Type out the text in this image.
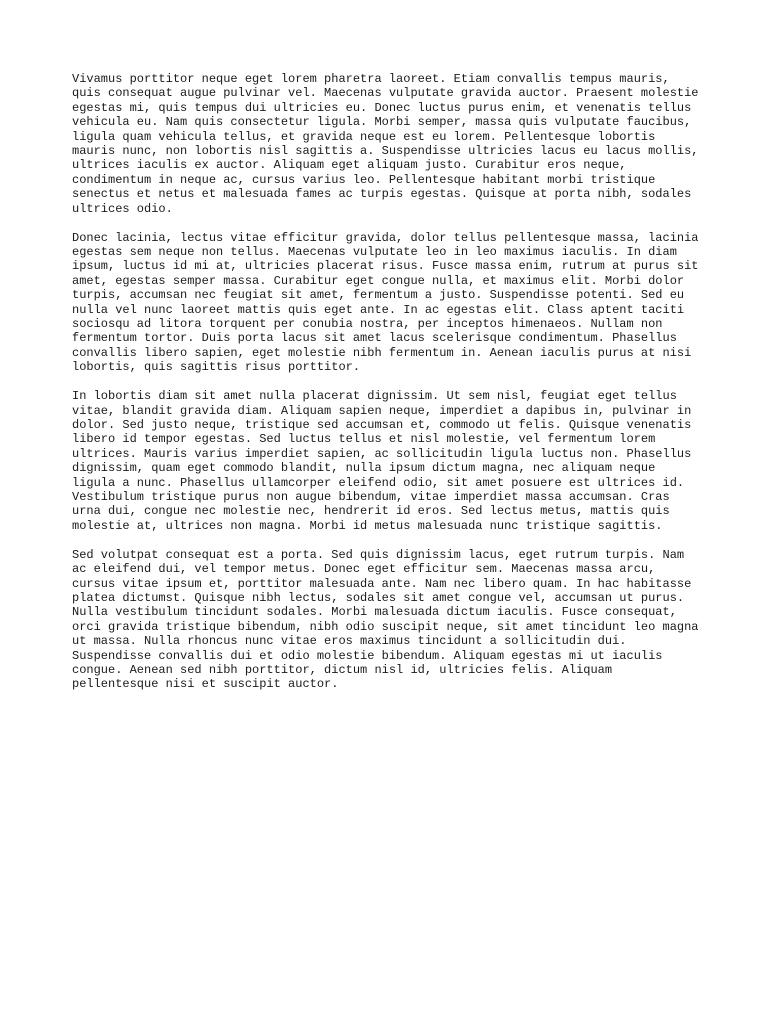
Vivamus porttitor neque eget lorem pharetra laoreet. Etiam convallis tempus mauris, quis consequat augue pulvinar vel. Maecenas vulputate gravida auctor. Praesent molestie egestas mi, quis tempus dui ultricies eu. Donec luctus purus enim, et venenatis tellus vehicula eu. Nam quis consectetur ligula. Morbi semper, massa quis vulputate faucibus, ligula quam vehicula tellus, et gravida neque est eu lorem. Pellentesque lobortis mauris nunc, non lobortis nisl sagittis a. Suspendisse ultricies lacus eu lacus mollis, ultrices iaculis ex auctor. Aliquam eget aliquam justo. Curabitur eros neque, condimentum in neque ac, cursus varius leo. Pellentesque habitant morbi tristique senectus et netus et malesuada fames ac turpis egestas. Quisque at porta nibh, sodales ultrices odio.

Donec lacinia, lectus vitae efficitur gravida, dolor tellus pellentesque massa, lacinia egestas sem neque non tellus. Maecenas vulputate leo in leo maximus iaculis. In diam ipsum, luctus id mi at, ultricies placerat risus. Fusce massa enim, rutrum at purus sit amet, egestas semper massa. Curabitur eget congue nulla, et maximus elit. Morbi dolor turpis, accumsan nec feugiat sit amet, fermentum a justo. Suspendisse potenti. Sed eu nulla vel nunc laoreet mattis quis eget ante. In ac egestas elit. Class aptent taciti sociosqu ad litora torquent per conubia nostra, per inceptos himenaeos. Nullam non fermentum tortor. Duis porta lacus sit amet lacus scelerisque condimentum. Phasellus convallis libero sapien, eget molestie nibh fermentum in. Aenean iaculis purus at nisi lobortis, quis sagittis risus porttitor.

In lobortis diam sit amet nulla placerat dignissim. Ut sem nisl, feugiat eget tellus vitae, blandit gravida diam. Aliquam sapien neque, imperdiet a dapibus in, pulvinar in dolor. Sed justo neque, tristique sed accumsan et, commodo ut felis. Quisque venenatis libero id tempor egestas. Sed luctus tellus et nisl molestie, vel fermentum lorem ultrices. Mauris varius imperdiet sapien, ac sollicitudin ligula luctus non. Phasellus dignissim, quam eget commodo blandit, nulla ipsum dictum magna, nec aliquam neque ligula a nunc. Phasellus ullamcorper eleifend odio, sit amet posuere est ultrices id. Vestibulum tristique purus non augue bibendum, vitae imperdiet massa accumsan. Cras urna dui, congue nec molestie nec, hendrerit id eros. Sed lectus metus, mattis quis molestie at, ultrices non magna. Morbi id metus malesuada nunc tristique sagittis.

Sed volutpat consequat est a porta. Sed quis dignissim lacus, eget rutrum turpis. Nam ac eleifend dui, vel tempor metus. Donec eget efficitur sem. Maecenas massa arcu, cursus vitae ipsum et, porttitor malesuada ante. Nam nec libero quam. In hac habitasse platea dictumst. Quisque nibh lectus, sodales sit amet congue vel, accumsan ut purus. Nulla vestibulum tincidunt sodales. Morbi malesuada dictum iaculis. Fusce consequat, orci gravida tristique bibendum, nibh odio suscipit neque, sit amet tincidunt leo magna ut massa. Nulla rhoncus nunc vitae eros maximus tincidunt a sollicitudin dui. Suspendisse convallis dui et odio molestie bibendum. Aliquam egestas mi ut iaculis congue. Aenean sed nibh porttitor, dictum nisl id, ultricies felis. Aliquam pellentesque nisi et suscipit auctor.
